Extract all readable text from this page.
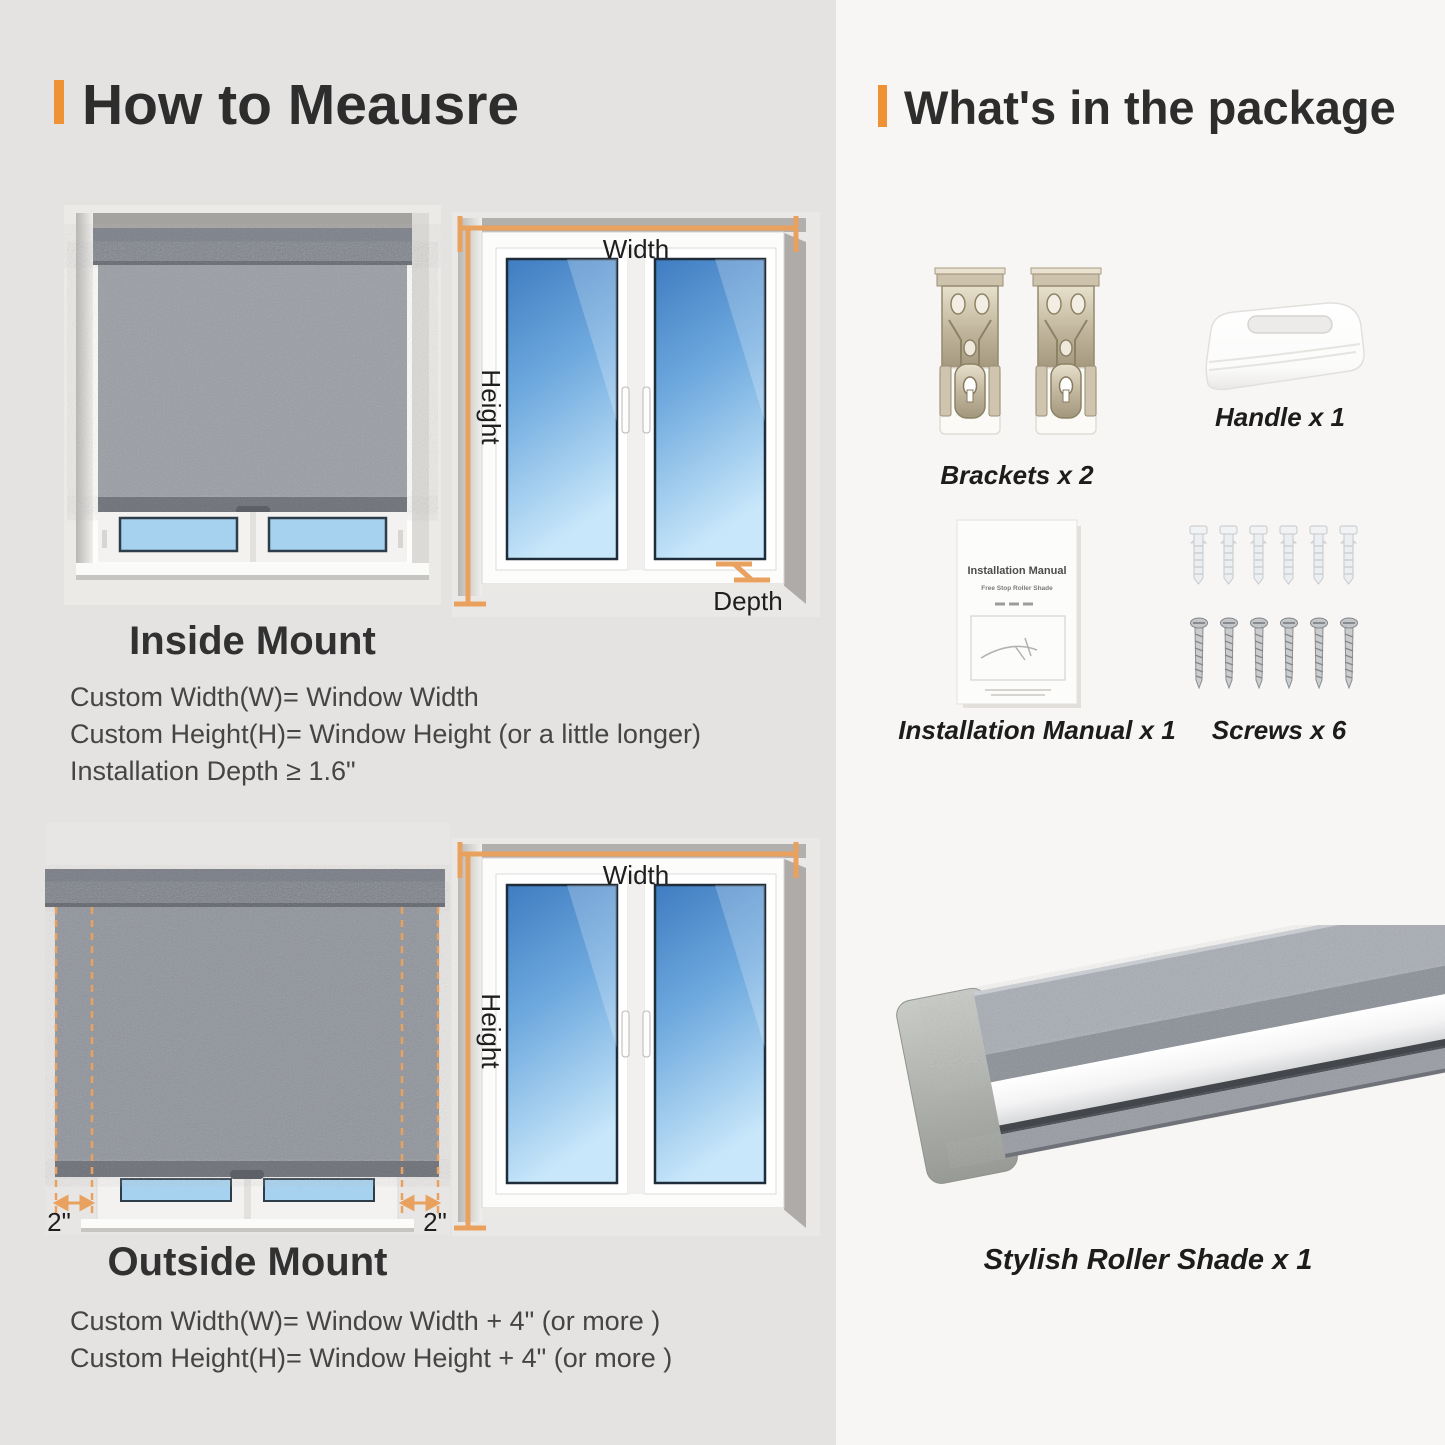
How to Meausre
Width
Height
Depth
Inside Mount
Custom Width(W)= Window Width
Custom Height(H)= Window Height (or a little longer)
Installation Depth ≥ 1.6"
2"	2"
Width
Height
Outside Mount
Custom Width(W)= Window Width + 4" (or more )
Custom Height(H)= Window Height + 4" (or more )
What's in the package
Brackets x 2
Handle x 1
Installation Manual
Free Stop Roller Shade
Installation Manual x 1	Screws x 6
Stylish Roller Shade x 1
